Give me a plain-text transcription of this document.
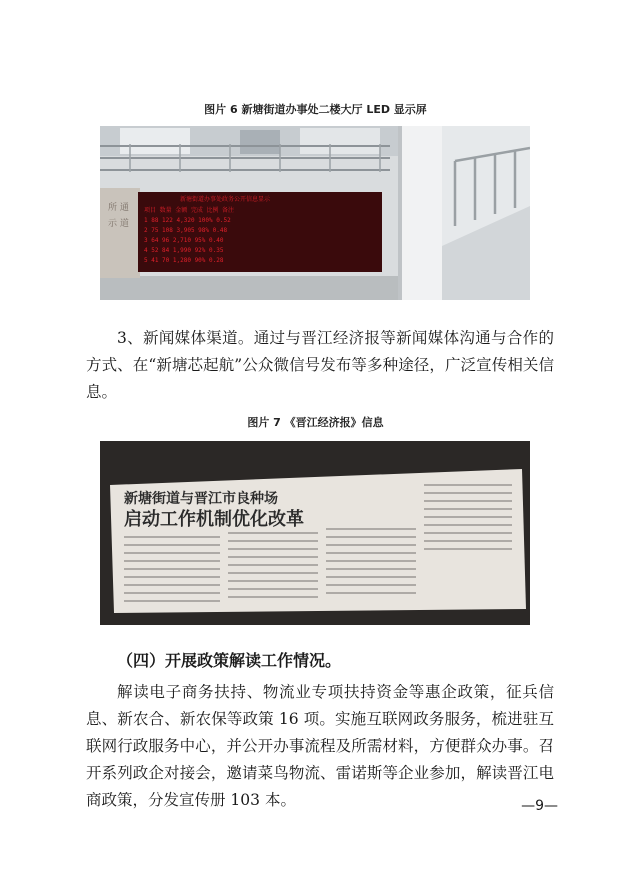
图片 6 新塘街道办事处二楼大厅 LED 显示屏
所 通
示 道
新塘街道办事处政务公开信息显示
项目 数量 金额 完成 比例 备注
1 88 122 4,320 100% 0.52
2 75 108 3,905 98% 0.48
3 64 96 2,710 95% 0.40
4 52 84 1,990 92% 0.35
5 41 70 1,280 90% 0.28

3、新闻媒体渠道。通过与晋江经济报等新闻媒体沟通与合作的方式、在“新塘芯起航”公众微信号发布等多种途径，广泛宣传相关信息。

图片 7 《晋江经济报》信息
新塘街道与晋江市良种场
启动工作机制优化改革
（四）开展政策解读工作情况。

解读电子商务扶持、物流业专项扶持资金等惠企政策，征兵信息、新农合、新农保等政策 16 项。实施互联网政务服务，梳进驻互联网行政服务中心，并公开办事流程及所需材料，方便群众办事。召开系列政企对接会，邀请菜鸟物流、雷诺斯等企业参加，解读晋江电商政策，分发宣传册 103 本。	—9—
